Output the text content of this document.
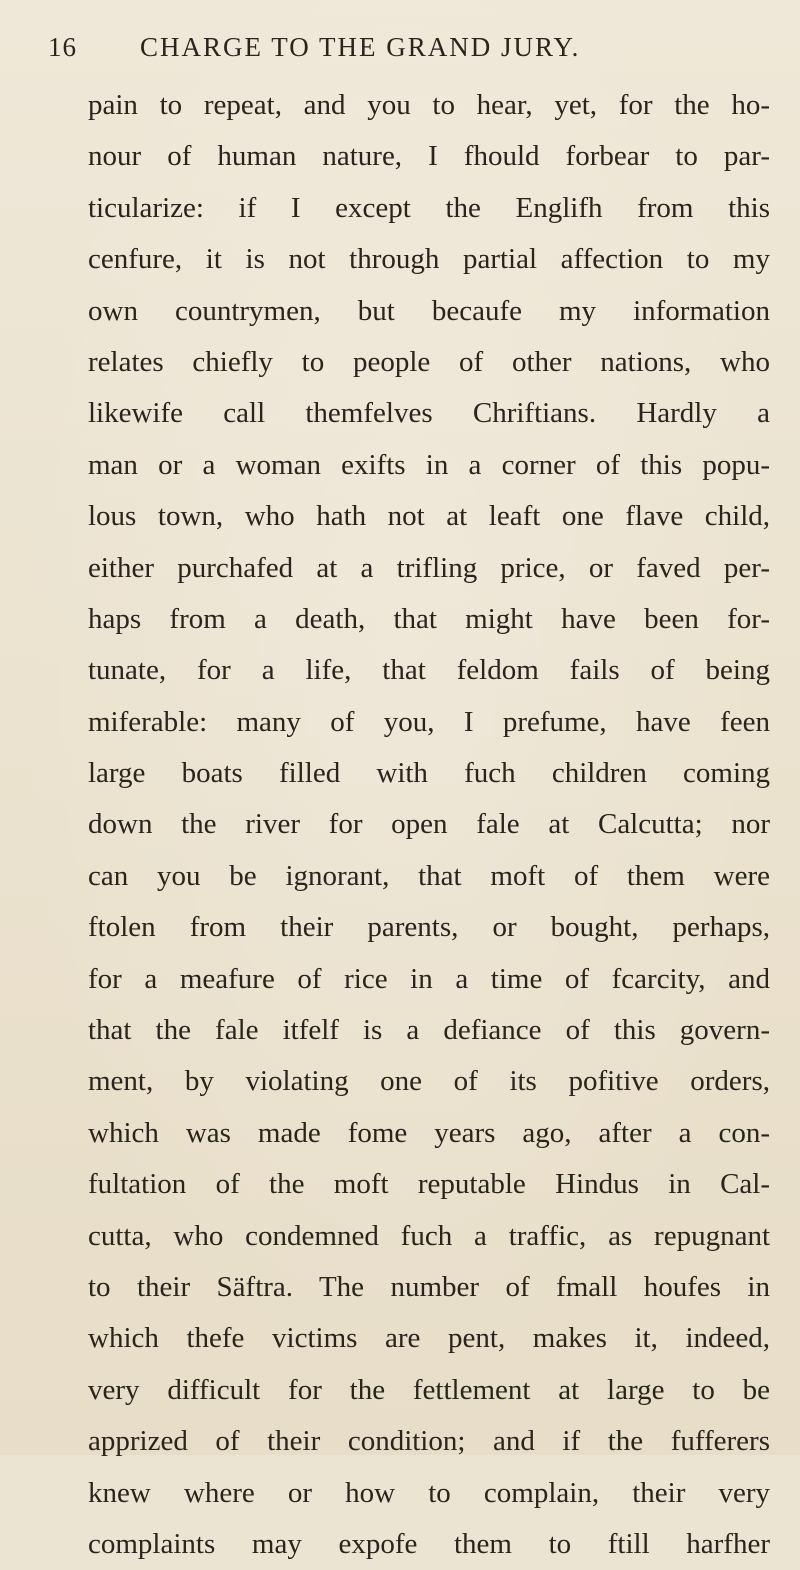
16 CHARGE TO THE GRAND JURY.
pain to repeat, and you to hear, yet, for the ho-
nour of human nature, I fhould forbear to par-
ticularize: if I except the Englifh from this
cenfure, it is not through partial affection to my
own countrymen, but becaufe my information
relates chiefly to people of other nations, who
likewife call themfelves Chriftians. Hardly a
man or a woman exifts in a corner of this popu-
lous town, who hath not at leaft one flave child,
either purchafed at a trifling price, or faved per-
haps from a death, that might have been for-
tunate, for a life, that feldom fails of being
miferable: many of you, I prefume, have feen
large boats filled with fuch children coming
down the river for open fale at Calcutta; nor
can you be ignorant, that moft of them were
ftolen from their parents, or bought, perhaps,
for a meafure of rice in a time of fcarcity, and
that the fale itfelf is a defiance of this govern-
ment, by violating one of its pofitive orders,
which was made fome years ago, after a con-
fultation of the moft reputable Hindus in Cal-
cutta, who condemned fuch a traffic, as repugnant
to their Säftra. The number of fmall houfes in
which thefe victims are pent, makes it, indeed,
very difficult for the fettlement at large to be
apprized of their condition; and if the fufferers
knew where or how to complain, their very
complaints may expofe them to ftill harfher
